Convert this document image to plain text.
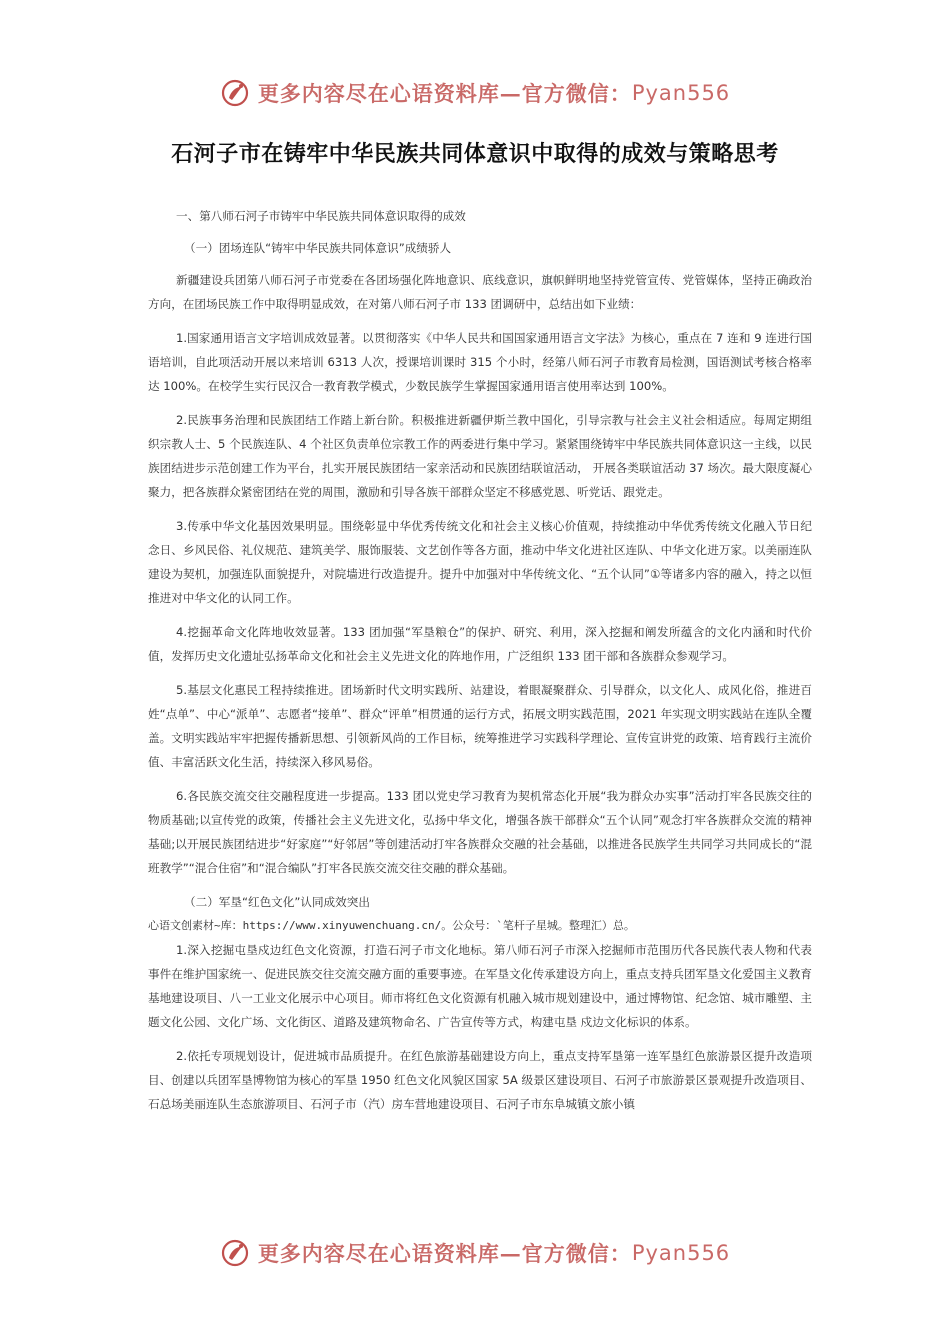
更多内容尽在心语资料库—官方微信： Pyan556
石河子市在铸牢中华民族共同体意识中取得的成效与策略思考

一、第八师石河子市铸牢中华民族共同体意识取得的成效

（一）团场连队“铸牢中华民族共同体意识”成绩骄人

新疆建设兵团第八师石河子市党委在各团场强化阵地意识、底线意识，旗帜鲜明地坚持党管宣传、党管媒体，坚持正确政治方向，在团场民族工作中取得明显成效，在对第八师石河子市 133 团调研中，总结出如下业绩：

1.国家通用语言文字培训成效显著。以贯彻落实《中华人民共和国国家通用语言文字法》为核心，重点在 7 连和 9 连进行国语培训，自此项活动开展以来培训 6313 人次，授课培训课时 315 个小时，经第八师石河子市教育局检测，国语测试考核合格率达 100%。在校学生实行民汉合一教育教学模式，少数民族学生掌握国家通用语言使用率达到 100%。

2.民族事务治理和民族团结工作踏上新台阶。积极推进新疆伊斯兰教中国化，引导宗教与社会主义社会相适应。每周定期组织宗教人士、5 个民族连队、4 个社区负责单位宗教工作的两委进行集中学习。紧紧围绕铸牢中华民族共同体意识这一主线，以民族团结进步示范创建工作为平台，扎实开展民族团结一家亲活动和民族团结联谊活动， 开展各类联谊活动 37 场次。最大限度凝心聚力，把各族群众紧密团结在党的周围，激励和引导各族干部群众坚定不移感党恩、听党话、跟党走。

3.传承中华文化基因效果明显。围绕彰显中华优秀传统文化和社会主义核心价值观，持续推动中华优秀传统文化融入节日纪念日、乡风民俗、礼仪规范、建筑美学、服饰服装、文艺创作等各方面，推动中华文化进社区连队、中华文化进万家。以美丽连队建设为契机，加强连队面貌提升，对院墙进行改造提升。提升中加强对中华传统文化、“五个认同”①等诸多内容的融入，持之以恒推进对中华文化的认同工作。

4.挖掘革命文化阵地收效显著。133 团加强“军垦粮仓”的保护、研究、利用，深入挖掘和阐发所蕴含的文化内涵和时代价值，发挥历史文化遗址弘扬革命文化和社会主义先进文化的阵地作用，广泛组织 133 团干部和各族群众参观学习。

5.基层文化惠民工程持续推进。团场新时代文明实践所、站建设，着眼凝聚群众、引导群众，以文化人、成风化俗，推进百姓“点单”、中心“派单”、志愿者“接单”、群众“评单”相贯通的运行方式，拓展文明实践范围，2021 年实现文明实践站在连队全覆盖。文明实践站牢牢把握传播新思想、引领新风尚的工作目标，统筹推进学习实践科学理论、宣传宣讲党的政策、培育践行主流价值、丰富活跃文化生活，持续深入移风易俗。

6.各民族交流交往交融程度进一步提高。133 团以党史学习教育为契机常态化开展“我为群众办实事”活动打牢各民族交往的物质基础;以宣传党的政策，传播社会主义先进文化，弘扬中华文化，增强各族干部群众“五个认同”观念打牢各族群众交流的精神基础;以开展民族团结进步“好家庭”“好邻居”等创建活动打牢各族群众交融的社会基础，以推进各民族学生共同学习共同成长的“混班教学”“混合住宿”和“混合编队”打牢各民族交流交往交融的群众基础。

（二）军垦“红色文化”认同成效突出

心语文创素材~库：https://www.xinyuwenchuang.cn/。公众号：`笔杆子星城。整理汇）总。

1.深入挖掘屯垦戍边红色文化资源，打造石河子市文化地标。第八师石河子市深入挖掘师市范围历代各民族代表人物和代表事件在维护国家统一、促进民族交往交流交融方面的重要事迹。在军垦文化传承建设方向上，重点支持兵团军垦文化爱国主义教育基地建设项目、八一工业文化展示中心项目。师市将红色文化资源有机融入城市规划建设中，通过博物馆、纪念馆、城市雕塑、主题文化公园、文化广场、文化街区、道路及建筑物命名、广告宣传等方式，构建屯垦 戍边文化标识的体系。

2.依托专项规划设计，促进城市品质提升。在红色旅游基础建设方向上，重点支持军垦第一连军垦红色旅游景区提升改造项目、创建以兵团军垦博物馆为核心的军垦 1950 红色文化风貌区国家 5A 级景区建设项目、石河子市旅游景区景观提升改造项目、石总场美丽连队生态旅游项目、石河子市（汽）房车营地建设项目、石河子市东阜城镇文旅小镇

更多内容尽在心语资料库—官方微信： Pyan556
